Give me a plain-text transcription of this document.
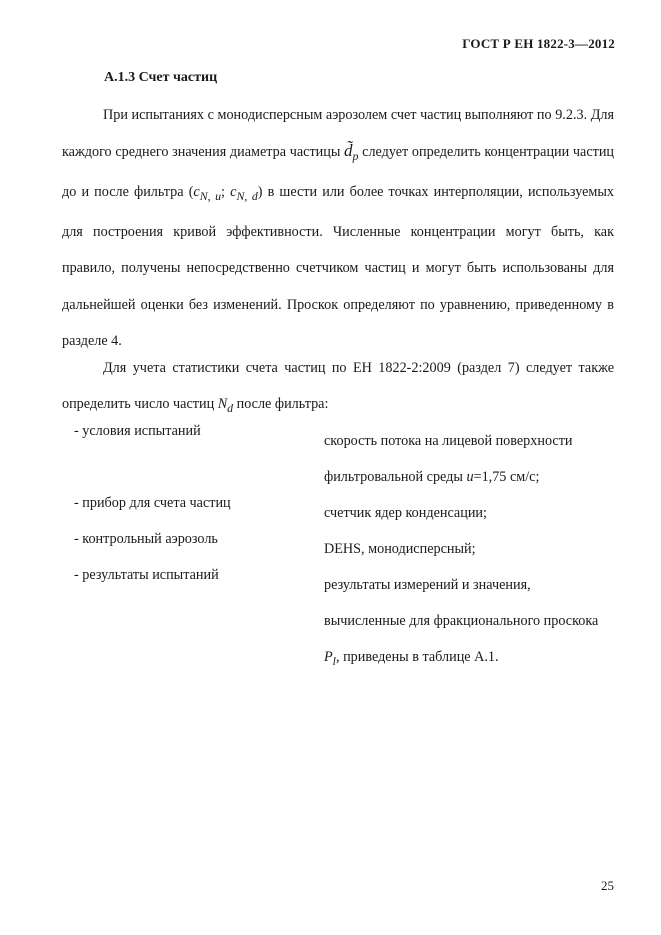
ГОСТ Р ЕН 1822-3—2012
А.1.3 Счет частиц

При испытаниях с монодисперсным аэрозолем счет частиц выполняют по 9.2.3. Для каждого среднего значения диаметра частицы $d̃_p$ следует определить концентрации частиц до и после фильтра ($c_{N, u}$; $c_{N, d}$) в шести или более точках интерполяции, используемых для построения кривой эффективности. Численные концентрации могут быть, как правило, получены непосредственно счетчиком частиц и могут быть использованы для дальнейшей оценки без изменений. Проскок определяют по уравнению, приведенному в разделе 4.

Для учета статистики счета частиц по ЕН 1822-2:2009 (раздел 7) следует также определить число частиц $N_d$ после фильтра:

- условия испытаний
скорость потока на лицевой поверхности фильтровальной среды u=1,75 см/с;
- прибор для счета частиц
счетчик ядер конденсации;
- контрольный аэрозоль
DEHS, монодисперсный;
- результаты испытаний
результаты измерений и значения, вычисленные для фракционального проскока $P_l$, приведены в таблице А.1.
25
